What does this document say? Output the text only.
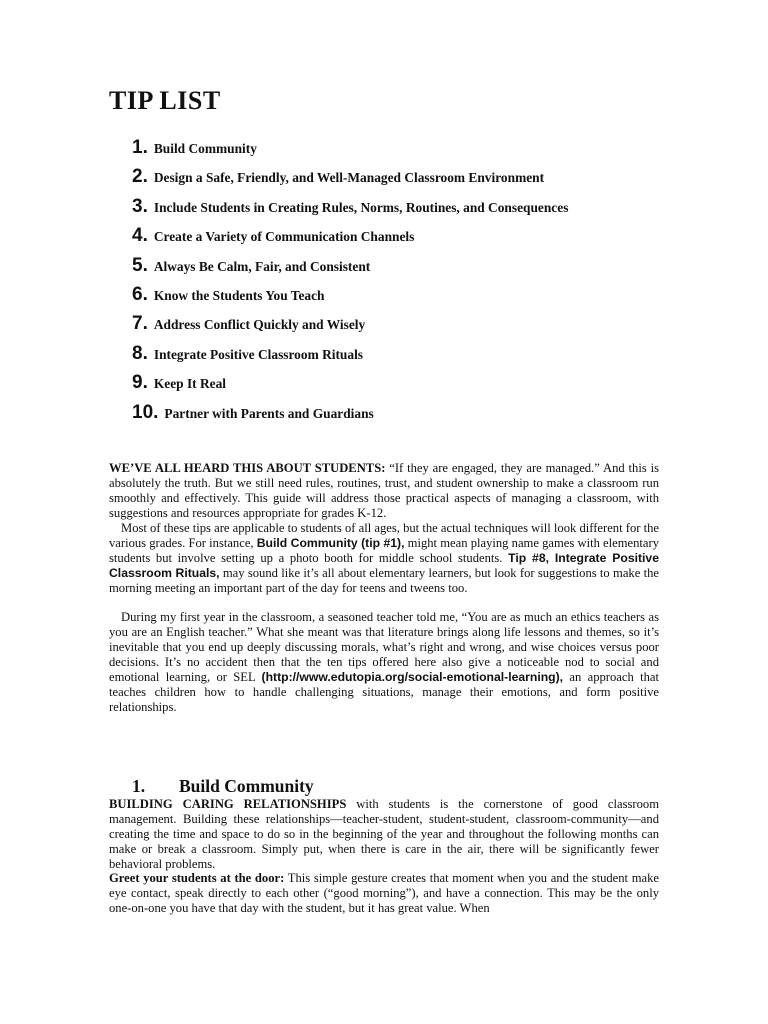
TIP LIST
1. Build Community
2. Design a Safe, Friendly, and Well-Managed Classroom Environment
3. Include Students in Creating Rules, Norms, Routines, and Consequences
4. Create a Variety of Communication Channels
5. Always Be Calm, Fair, and Consistent
6. Know the Students You Teach
7. Address Conflict Quickly and Wisely
8. Integrate Positive Classroom Rituals
9. Keep It Real
10. Partner with Parents and Guardians

WE’VE ALL HEARD THIS ABOUT STUDENTS: “If they are engaged, they are managed.” And this is absolutely the truth. But we still need rules, routines, trust, and student ownership to make a classroom run smoothly and effectively. This guide will address those practical aspects of managing a classroom, with suggestions and resources appropriate for grades K-12.

Most of these tips are applicable to students of all ages, but the actual techniques will look different for the various grades. For instance, Build Community (tip #1), might mean playing name games with elementary students but involve setting up a photo booth for middle school students. Tip #8, Integrate Positive Classroom Rituals, may sound like it’s all about elementary learners, but look for suggestions to make the morning meeting an important part of the day for teens and tweens too.

During my first year in the classroom, a seasoned teacher told me, “You are as much an ethics teachers as you are an English teacher.” What she meant was that literature brings along life lessons and themes, so it’s inevitable that you end up deeply discussing morals, what’s right and wrong, and wise choices versus poor decisions. It’s no accident then that the ten tips offered here also give a noticeable nod to social and emotional learning, or SEL (http://www.edutopia.org/social-emotional-learning), an approach that teaches children how to handle challenging situations, manage their emotions, and form positive relationships.

1. Build Community

BUILDING CARING RELATIONSHIPS with students is the cornerstone of good classroom management. Building these relationships—teacher-student, student-student, classroom-community—and creating the time and space to do so in the beginning of the year and throughout the following months can make or break a classroom. Simply put, when there is care in the air, there will be significantly fewer behavioral problems.

Greet your students at the door: This simple gesture creates that moment when you and the student make eye contact, speak directly to each other (“good morning”), and have a connection. This may be the only one-on-one you have that day with the student, but it has great value. When
